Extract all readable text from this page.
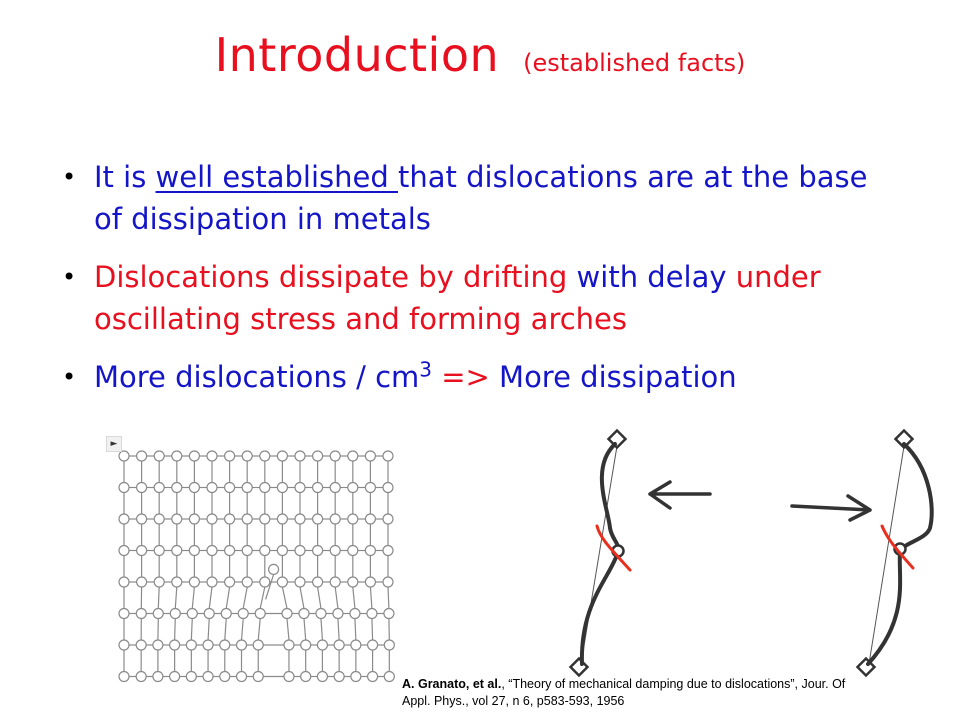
Introduction (established facts)
• It is well established that dislocations are at the base of dissipation in metals
• Dislocations dissipate by drifting with delay under oscillating stress and forming arches
• More dislocations / $cm^3$ => More dissipation
►
A. Granato, et al., “Theory of mechanical damping due to dislocations”, Jour. Of Appl. Phys., vol 27, n 6, p583-593, 1956
